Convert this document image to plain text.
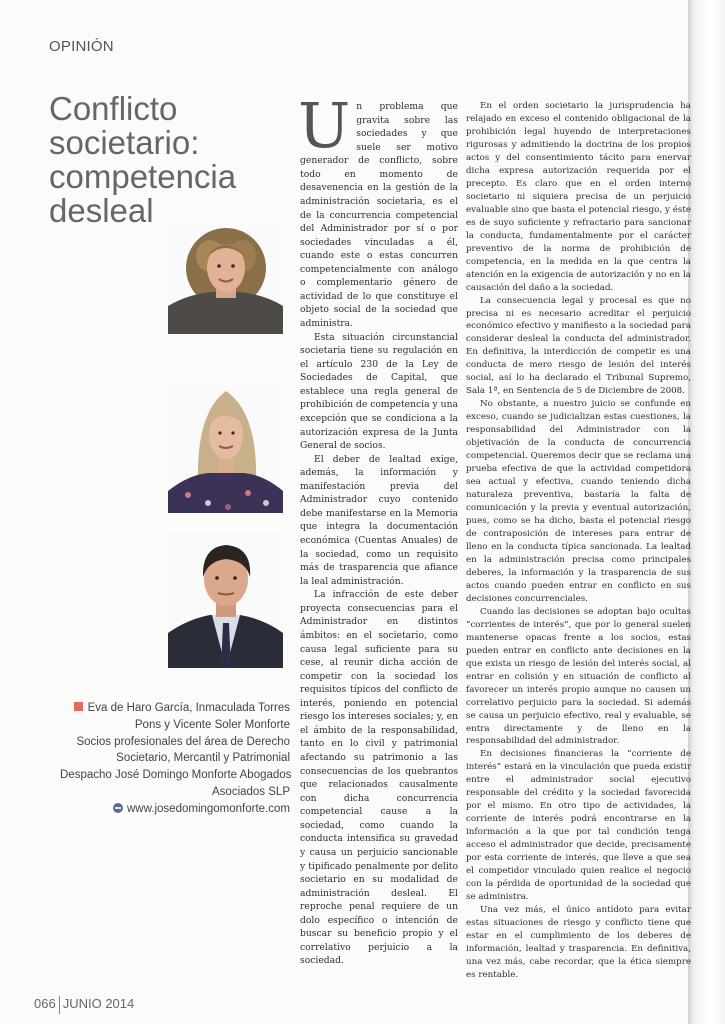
OPINIÓN
Conflicto
societario:
competencia
desleal
Eva de Haro García, Inmaculada Torres
Pons y Vicente Soler Monforte
Socios profesionales del área de Derecho
Societario, Mercantil y Patrimonial
Despacho José Domingo Monforte Abogados
Asociados SLP
www.josedomingomonforte.com

Un problema que gravita sobre las sociedades y que suele ser motivo generador de conflicto, sobre todo en momento de desavenencia en la gestión de la administración societaria, es el de la concurrencia competencial del Administrador por sí o por sociedades vinculadas a él, cuando este o estas concurren competencialmente con análogo o complementario género de actividad de lo que constituye el objeto social de la sociedad que administra.

Esta situación circunstancial societaria tiene su regulación en el artículo 230 de la Ley de Sociedades de Capital, que establece una regla general de prohibición de competencia y una excepción que se condiciona a la autorización expresa de la Junta General de socios.

El deber de lealtad exige, además, la información y manifestación previa del Administrador cuyo contenido debe manifestarse en la Memoria que integra la documentación económica (Cuentas Anuales) de la sociedad, como un requisito más de trasparencia que afiance la leal administración.

La infracción de este deber proyecta consecuencias para el Administrador en distintos ámbitos: en el societario, como causa legal suficiente para su cese, al reunir dicha acción de competir con la sociedad los requisitos típicos del conflicto de interés, poniendo en potencial riesgo los intereses sociales; y, en el ámbito de la responsabilidad, tanto en lo civil y patrimonial afectando su patrimonio a las consecuencias de los quebrantos que relacionados causalmente con dicha concurrencia competencial cause a la sociedad, como cuando la conducta intensifica su gravedad y causa un perjuicio sancionable y tipificado penalmente por delito societario en su modalidad de administración desleal. El reproche penal requiere de un dolo específico o intención de buscar su beneficio propio y el correlativo perjuicio a la sociedad.

En el orden societario la jurisprudencia ha relajado en exceso el contenido obligacional de la prohibición legal huyendo de interpretaciones rigurosas y admitiendo la doctrina de los propios actos y del consentimiento tácito para enervar dicha expresa autorización requerida por el precepto. Es claro que en el orden interno societario ni siquiera precisa de un perjuicio evaluable sino que basta el potencial riesgo, y éste es de suyo suficiente y refractario para sancionar la conducta, fundamentalmente por el carácter preventivo de la norma de prohibición de competencia, en la medida en la que centra la atención en la exigencia de autorización y no en la causación del daño a la sociedad.

La consecuencia legal y procesal es que no precisa ni es necesario acreditar el perjuicio económico efectivo y manifiesto a la sociedad para considerar desleal la conducta del administrador. En definitiva, la interdicción de competir es una conducta de mero riesgo de lesión del interés social, así lo ha declarado el Tribunal Supremo, Sala 1ª, en Sentencia de 5 de Diciembre de 2008.

No obstante, a nuestro juicio se confunde en exceso, cuando se judicializan estas cuestiones, la responsabilidad del Administrador con la objetivación de la conducta de concurrencia competencial. Queremos decir que se reclama una prueba efectiva de que la actividad competidora sea actual y efectiva, cuando teniendo dicha naturaleza preventiva, bastaría la falta de comunicación y la previa y eventual autorización, pues, como se ha dicho, basta el potencial riesgo de contraposición de intereses para entrar de lleno en la conducta típica sancionada. La lealtad en la administración precisa como principales deberes, la información y la trasparencia de sus actos cuando pueden entrar en conflicto en sus decisiones concurrenciales.

Cuando las decisiones se adoptan bajo ocultas “corrientes de interés”, que por lo general suelen mantenerse opacas frente a los socios, estas pueden entrar en conflicto ante decisiones en la que exista un riesgo de lesión del interés social, al entrar en colisión y en situación de conflicto al favorecer un interés propio aunque no causen un correlativo perjuicio para la sociedad. Si además se causa un perjuicio efectivo, real y evaluable, se entra directamente y de lleno en la responsabilidad del administrador.

En decisiones financieras la “corriente de interés” estará en la vinculación que pueda existir entre el administrador social ejecutivo responsable del crédito y la sociedad favorecida por el mismo. En otro tipo de actividades, la corriente de interés podrá encontrarse en la información a la que por tal condición tenga acceso el administrador que decide, precisamente por esta corriente de interés, que lleve a que sea el competidor vinculado quien realice el negocio con la pérdida de oportunidad de la sociedad que se administra.

Una vez más, el único antídoto para evitar estas situaciones de riesgo y conflicto tiene que estar en el cumplimiento de los deberes de información, lealtad y trasparencia. En definitiva, una vez más, cabe recordar, que la ética siempre es rentable.

066 JUNIO 2014
